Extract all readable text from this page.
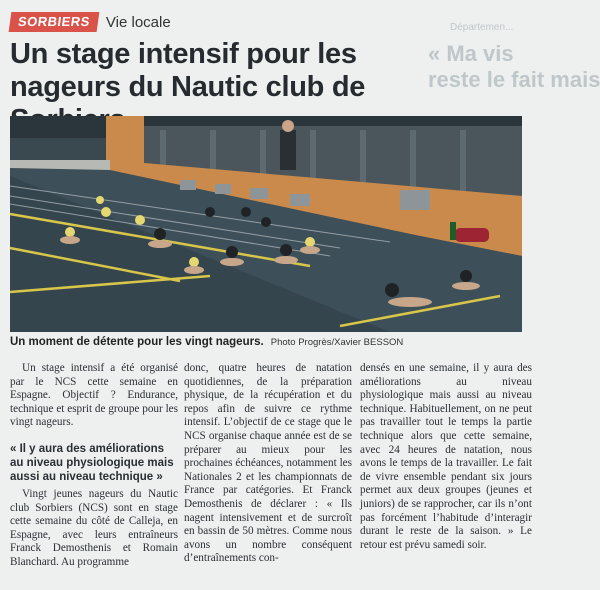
SORBIERS Vie locale	Départemen...
« Ma vis
reste le fait mais
Un stage intensif pour les nageurs du Nautic club de
Un moment de détente pour les vingt nageurs. Photo Progrès/Xavier BESSON

Un stage intensif a été organisé par le NCS cette semaine en Espagne. Objectif ? Endurance, technique et esprit de groupe pour les vingt nageurs.

« Il y aura des améliorations au niveau physiologique mais aussi au niveau technique »

Vingt jeunes nageurs du Nautic club Sorbiers (NCS) sont en stage cette semaine du côté de Calleja, en Espagne, avec leurs entraîneurs Franck Demosthenis et Romain Blanchard. Au programme

donc, quatre heures de natation quotidiennes, de la préparation physique, de la récupération et du repos afin de suivre ce rythme intensif. L’objectif de ce stage que le NCS organise chaque année est de se préparer au mieux pour les prochaines échéances, notamment les Nationales 2 et les championnats de France par catégories. Et Franck Demosthenis de déclarer : « Ils nagent intensivement et de surcroît en bassin de 50 mètres. Comme nous avons un nombre conséquent d’entraînements con-

densés en une semaine, il y aura des améliorations au niveau physiologique mais aussi au niveau technique. Habituellement, on ne peut pas travailler tout le temps la partie technique alors que cette semaine, avec 24 heures de natation, nous avons le temps de la travailler. Le fait de vivre ensemble pendant six jours permet aux deux groupes (jeunes et juniors) de se rapprocher, car ils n’ont pas forcément l’habitude d’interagir durant le reste de la saison. » Le retour est prévu samedi soir.
